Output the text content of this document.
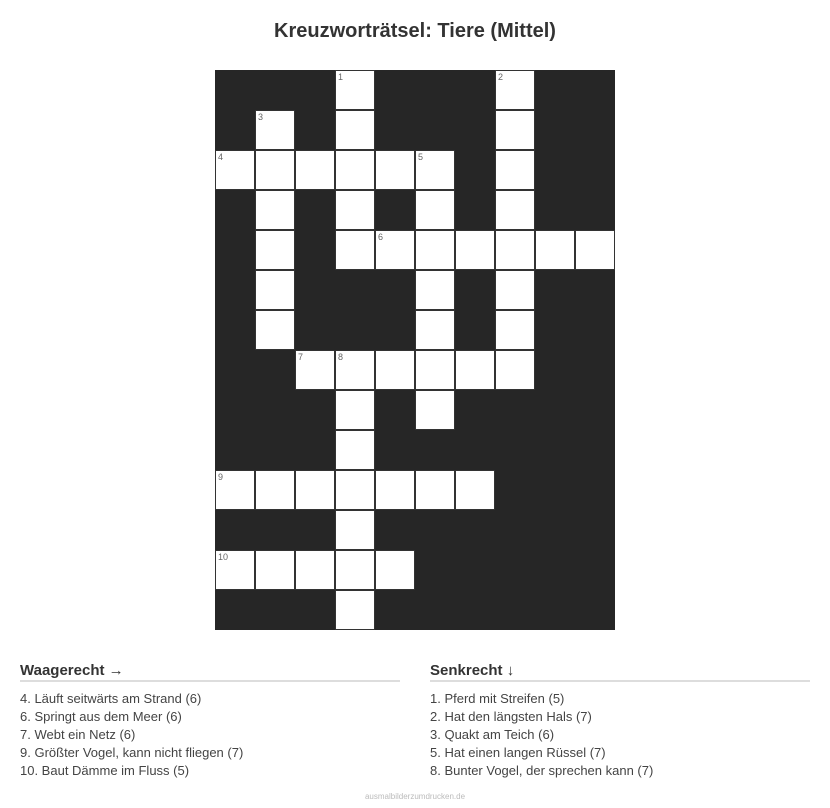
Kreuzworträtsel: Tiere (Mittel)
1	2
3
4	5
6
7	8
9
10
Waagerecht →
4. Läuft seitwärts am Strand (6)
6. Springt aus dem Meer (6)
7. Webt ein Netz (6)
9. Größter Vogel, kann nicht fliegen (7)
10. Baut Dämme im Fluss (5)
Senkrecht ↓
1. Pferd mit Streifen (5)
2. Hat den längsten Hals (7)
3. Quakt am Teich (6)
5. Hat einen langen Rüssel (7)
8. Bunter Vogel, der sprechen kann (7)
ausmalbilderzumdrucken.de
